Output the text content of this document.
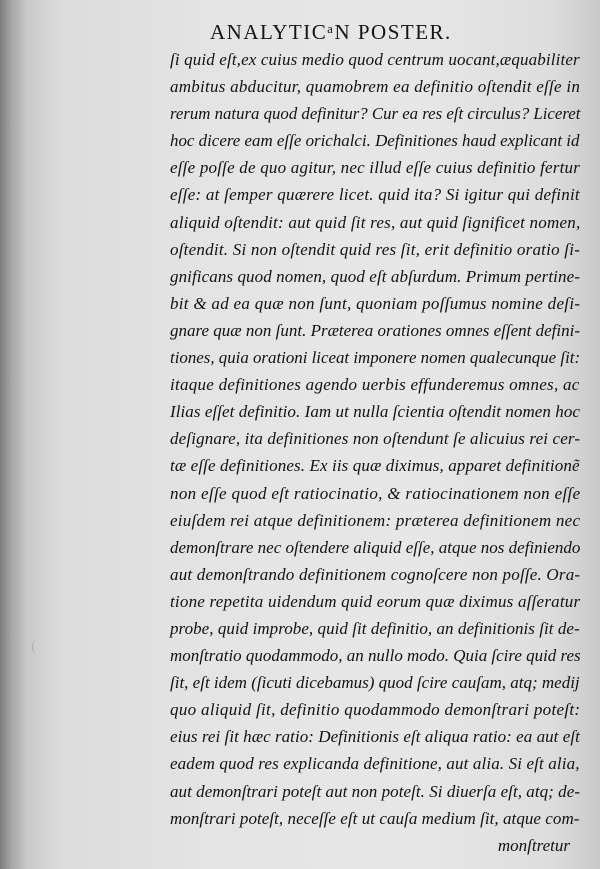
ANALYTICᵃN POSTER.
ſi quid eſt,ex cuius medio quod centrum uocant,æquabiliter
ambitus abducitur, quamobrem ea definitio oſtendit eſſe in
rerum natura quod definitur? Cur ea res eſt circulus? Liceret
hoc dicere eam eſſe orichalci. Definitiones haud explicant id
eſſe poſſe de quo agitur, nec illud eſſe cuius definitio fertur
eſſe: at ſemper quærere licet. quid ita? Si igitur qui definit
aliquid oſtendit: aut quid ſit res, aut quid ſignificet nomen,
oſtendit. Si non oſtendit quid res ſit, erit definitio oratio ſi-
gnificans quod nomen, quod eſt abſurdum. Primum pertine-
bit & ad ea quæ non ſunt, quoniam poſſumus nomine deſi-
gnare quæ non ſunt. Præterea orationes omnes eſſent defini-
tiones, quia orationi liceat imponere nomen qualecunque ſit:
itaque definitiones agendo uerbis effunderemus omnes, ac
Ilias eſſet definitio. Iam ut nulla ſcientia oſtendit nomen hoc
deſignare, ita definitiones non oſtendunt ſe alicuius rei cer-
tæ eſſe definitiones. Ex iis quæ diximus, apparet definitionẽ
non eſſe quod eſt ratiocinatio, & ratiocinationem non eſſe
eiuſdem rei atque definitionem: præterea definitionem nec
demonſtrare nec oſtendere aliquid eſſe, atque nos definiendo
aut demonſtrando definitionem cognoſcere non poſſe. Ora-
tione repetita uidendum quid eorum quæ diximus aſſeratur
probe, quid improbe, quid ſit definitio, an definitionis ſit de-
monſtratio quodammodo, an nullo modo. Quia ſcire quid res
ſit, eſt idem (ſicuti dicebamus) quod ſcire cauſam, atq; medij
quo aliquid ſit, definitio quodammodo demonſtrari poteſt:
eius rei ſit hæc ratio: Definitionis eſt aliqua ratio: ea aut eſt
eadem quod res explicanda definitione, aut alia. Si eſt alia,
aut demonſtrari poteſt aut non poteſt. Si diuerſa eſt, atq; de-
monſtrari poteſt, neceſſe eſt ut cauſa medium ſit, atque com-
monſtretur
